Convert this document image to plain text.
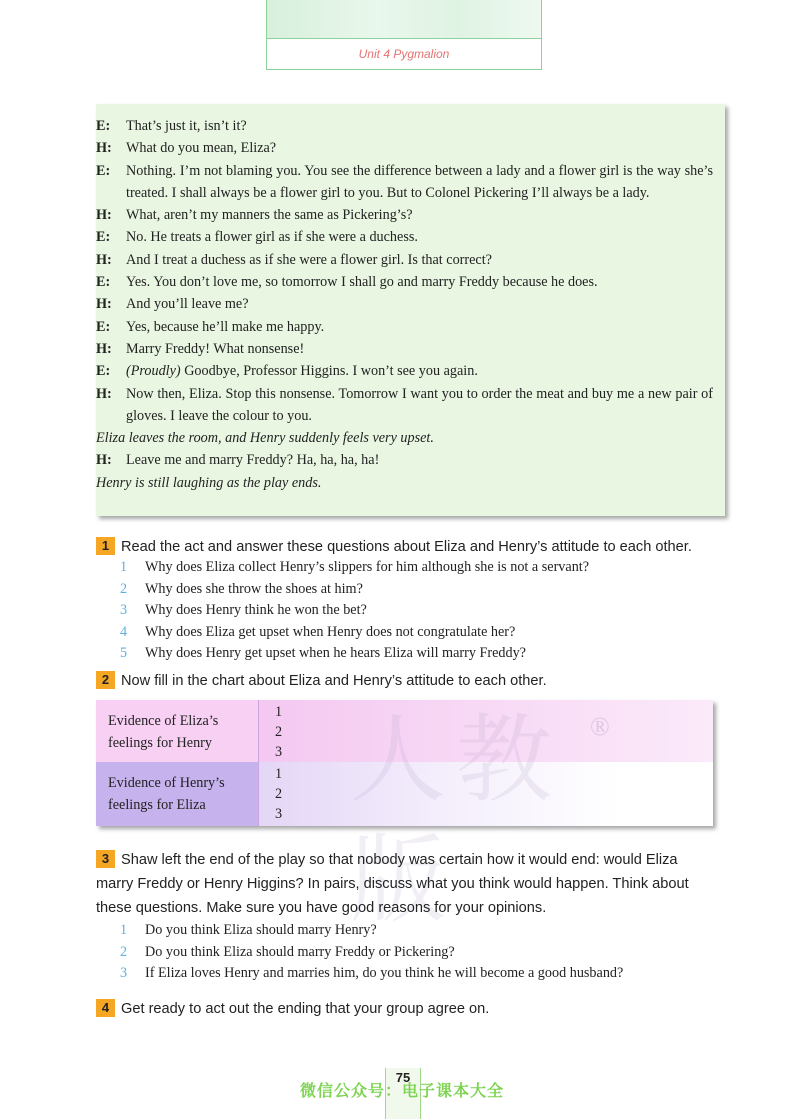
Unit 4 Pygmalion
E:	That’s just it, isn’t it?
H:	What do you mean, Eliza?
E:	Nothing. I’m not blaming you. You see the difference between a lady and a flower girl is the way she’s treated. I shall always be a flower girl to you. But to Colonel Pickering I’ll always be a lady.
H:	What, aren’t my manners the same as Pickering’s?
E:	No. He treats a flower girl as if she were a duchess.
H:	And I treat a duchess as if she were a flower girl. Is that correct?
E:	Yes. You don’t love me, so tomorrow I shall go and marry Freddy because he does.
H:	And you’ll leave me?
E:	Yes, because he’ll make me happy.
H:	Marry Freddy! What nonsense!
E:	(Proudly) Goodbye, Professor Higgins. I won’t see you again.
H:	Now then, Eliza. Stop this nonsense. Tomorrow I want you to order the meat and buy me a new pair of gloves. I leave the colour to you.
Eliza leaves the room, and Henry suddenly feels very upset.
H:	Leave me and marry Freddy? Ha, ha, ha, ha!
Henry is still laughing as the play ends.
1 Read the act and answer these questions about Eliza and Henry’s attitude to each other.
1	Why does Eliza collect Henry’s slippers for him although she is not a servant?
2	Why does she throw the shoes at him?
3	Why does Henry think he won the bet?
4	Why does Eliza get upset when Henry does not congratulate her?
5	Why does Henry get upset when he hears Eliza will marry Freddy?
2 Now fill in the chart about Eliza and Henry’s attitude to each other.
Evidence of Eliza’s feelings for Henry
1
2
3
Evidence of Henry’s feelings for Eliza
1
2
3
版
®
3 Shaw left the end of the play so that nobody was certain how it would end: would Eliza marry Freddy or Henry Higgins? In pairs, discuss what you think would happen. Think about these questions. Make sure you have good reasons for your opinions.
1	Do you think Eliza should marry Henry?
2	Do you think Eliza should marry Freddy or Pickering?
3	If Eliza loves Henry and marries him, do you think he will become a good husband?
4 Get ready to act out the ending that your group agree on.
75
微信公众号：电子课本大全
